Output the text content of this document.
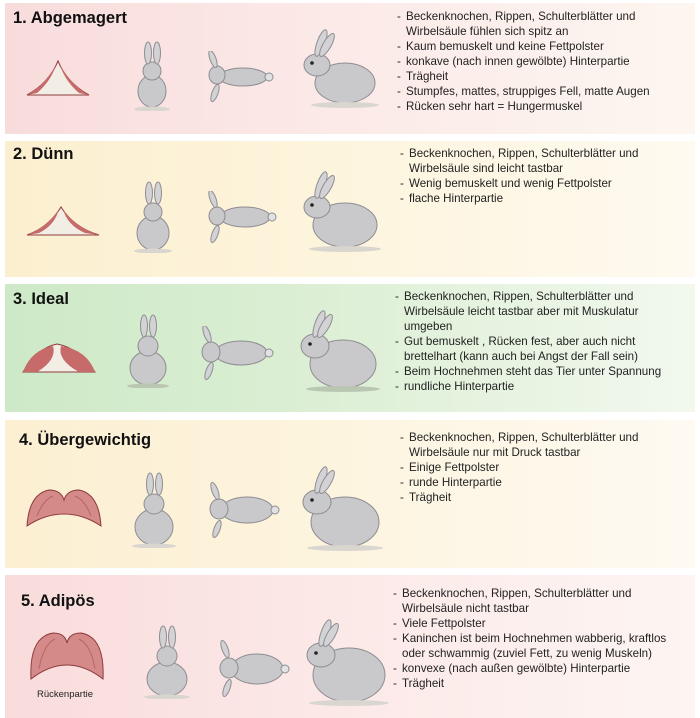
1. Abgemagert	- Beckenknochen, Rippen, Schulterblätter und Wirbelsäule fühlen sich spitz an
- Kaum bemuskelt und keine Fettpolster
- konkave (nach innen gewölbte) Hinterpartie
- Trägheit
- Stumpfes, mattes, struppiges Fell, matte Augen
- Rücken sehr hart = Hungermuskel
2. Dünn	- Beckenknochen, Rippen, Schulterblätter und Wirbelsäule sind leicht tastbar
- Wenig bemuskelt und wenig Fettpolster
- flache Hinterpartie
3. Ideal	- Beckenknochen, Rippen, Schulterblätter und Wirbelsäule leicht tastbar aber mit Muskulatur umgeben
- Gut bemuskelt , Rücken fest, aber auch nicht brettelhart (kann auch bei Angst der Fall sein)
- Beim Hochnehmen steht das Tier unter Spannung
- rundliche Hinterpartie
4. Übergewichtig	- Beckenknochen, Rippen, Schulterblätter und Wirbelsäule nur mit Druck tastbar
- Einige Fettpolster
- runde Hinterpartie
- Trägheit
5. Adipös
Rückenpartie
- Beckenknochen, Rippen, Schulterblätter und Wirbelsäule nicht tastbar
- Viele Fettpolster
- Kaninchen ist beim Hochnehmen wabberig, kraftlos oder schwammig (zuviel Fett, zu wenig Muskeln)
- konvexe (nach außen gewölbte) Hinterpartie
- Trägheit
